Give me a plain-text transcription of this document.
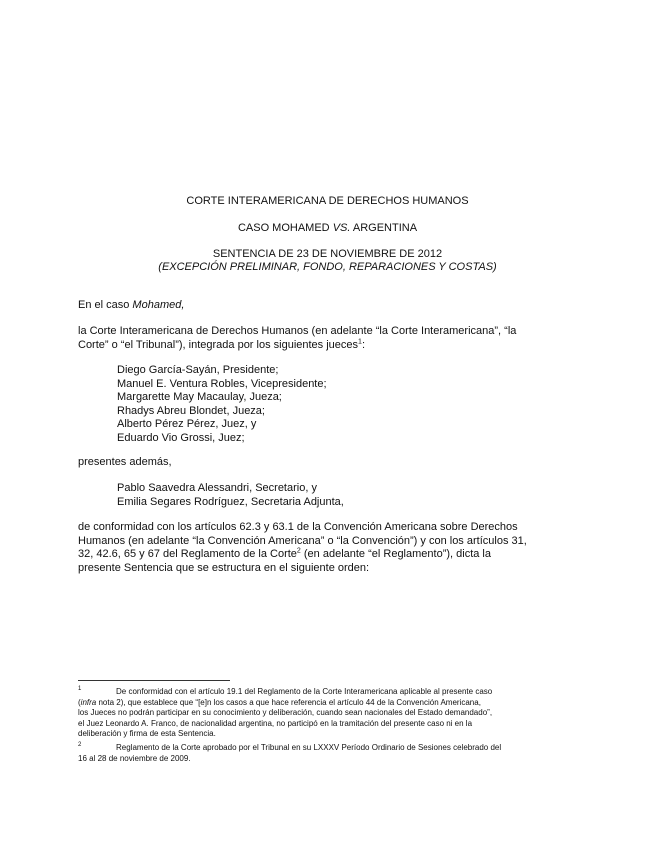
CORTE INTERAMERICANA DE DERECHOS HUMANOS
CASO MOHAMED VS. ARGENTINA
SENTENCIA DE 23 DE NOVIEMBRE DE 2012
(EXCEPCIÓN PRELIMINAR, FONDO, REPARACIONES Y COSTAS)
En el caso Mohamed,
la Corte Interamericana de Derechos Humanos (en adelante “la Corte Interamericana”, “la
Corte” o “el Tribunal”), integrada por los siguientes jueces$^1$:
Diego García-Sayán, Presidente;
Manuel E. Ventura Robles, Vicepresidente;
Margarette May Macaulay, Jueza;
Rhadys Abreu Blondet, Jueza;
Alberto Pérez Pérez, Juez, y
Eduardo Vio Grossi, Juez;
presentes además,
Pablo Saavedra Alessandri, Secretario, y
Emilia Segares Rodríguez, Secretaria Adjunta,
de conformidad con los artículos 62.3 y 63.1 de la Convención Americana sobre Derechos
Humanos (en adelante “la Convención Americana” o “la Convención”) y con los artículos 31,
32, 42.6, 65 y 67 del Reglamento de la Corte$^2$ (en adelante “el Reglamento”), dicta la
presente Sentencia que se estructura en el siguiente orden:
1	De conformidad con el artículo 19.1 del Reglamento de la Corte Interamericana aplicable al presente caso
(infra nota 2), que establece que “[e]n los casos a que hace referencia el artículo 44 de la Convención Americana,
los Jueces no podrán participar en su conocimiento y deliberación, cuando sean nacionales del Estado demandado”,
el Juez Leonardo A. Franco, de nacionalidad argentina, no participó en la tramitación del presente caso ni en la
deliberación y firma de esta Sentencia.
2	Reglamento de la Corte aprobado por el Tribunal en su LXXXV Período Ordinario de Sesiones celebrado del
16 al 28 de noviembre de 2009.
